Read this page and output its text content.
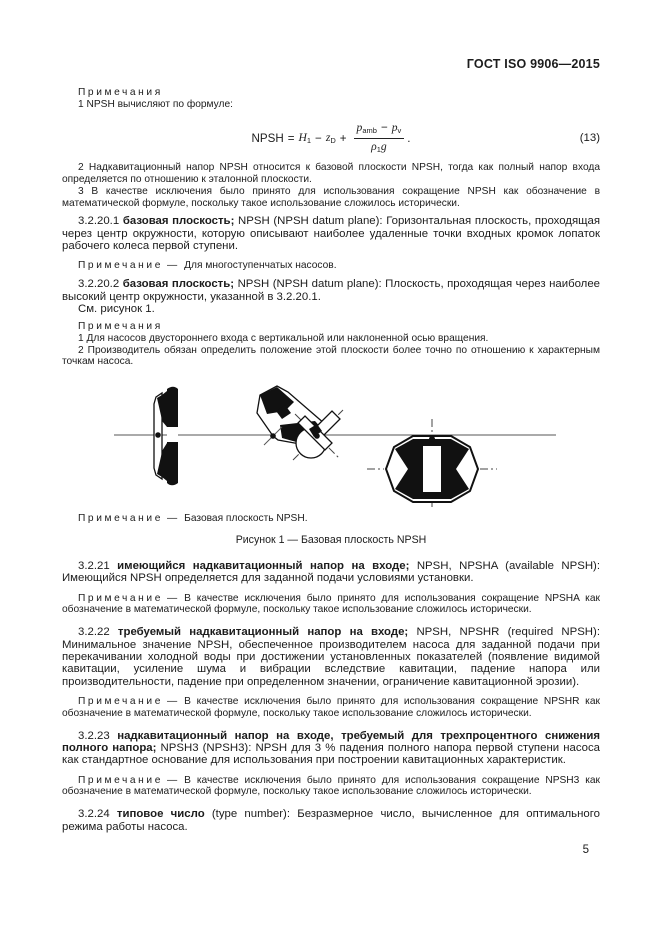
ГОСТ ISO 9906—2015

Примечания

1 NPSH вычисляют по формуле:

NPSH = $H_1 - z_D + \frac{p_{amb} - p_v}{\rho_1g}$ .	(13)

2 Надкавитационный напор NPSH относится к базовой плоскости NPSH, тогда как полный напор входа определяется по отношению к эталонной плоскости.

3 В качестве исключения было принято для использования сокращение NPSH как обозначение в математической формуле, поскольку такое использование сложилось исторически.

3.2.20.1 базовая плоскость; NPSH (NPSH datum plane): Горизонтальная плоскость, проходящая через центр окружности, которую описывают наиболее удаленные точки входных кромок лопаток рабочего колеса первой ступени.

Примечание — Для многоступенчатых насосов.

3.2.20.2 базовая плоскость; NPSH (NPSH datum plane): Плоскость, проходящая через наиболее высокий центр окружности, указанной в 3.2.20.1.

См. рисунок 1.

Примечания

1 Для насосов двустороннего входа с вертикальной или наклоненной осью вращения.

2 Производитель обязан определить положение этой плоскости более точно по отношению к характерным точкам насоса.

Примечание — Базовая плоскость NPSH.

Рисунок 1 — Базовая плоскость NPSH

3.2.21 имеющийся надкавитационный напор на входе; NPSH, NPSHA (available NPSH): Имеющийся NPSH определяется для заданной подачи условиями установки.

Примечание — В качестве исключения было принято для использования сокращение NPSHA как обозначение в математической формуле, поскольку такое использование сложилось исторически.

3.2.22 требуемый надкавитационный напор на входе; NPSH, NPSHR (required NPSH): Минимальное значение NPSH, обеспеченное производителем насоса для заданной подачи при перекачивании холодной воды при достижении установленных показателей (появление видимой кавитации, усиление шума и вибрации вследствие кавитации, падение напора или производительности, падение при определенном значении, ограничение кавитационной эрозии).

Примечание — В качестве исключения было принято для использования сокращение NPSHR как обозначение в математической формуле, поскольку такое использование сложилось исторически.

3.2.23 надкавитационный напор на входе, требуемый для трехпроцентного снижения полного напора; NPSH3 (NPSH3): NPSH для 3 % падения полного напора первой ступени насоса как стандартное основание для использования при построении кавитационных характеристик.

Примечание — В качестве исключения было принято для использования сокращение NPSH3 как обозначение в математической формуле, поскольку такое использование сложилось исторически.

3.2.24 типовое число (type number): Безразмерное число, вычисленное для оптимального режима работы насоса.

5
